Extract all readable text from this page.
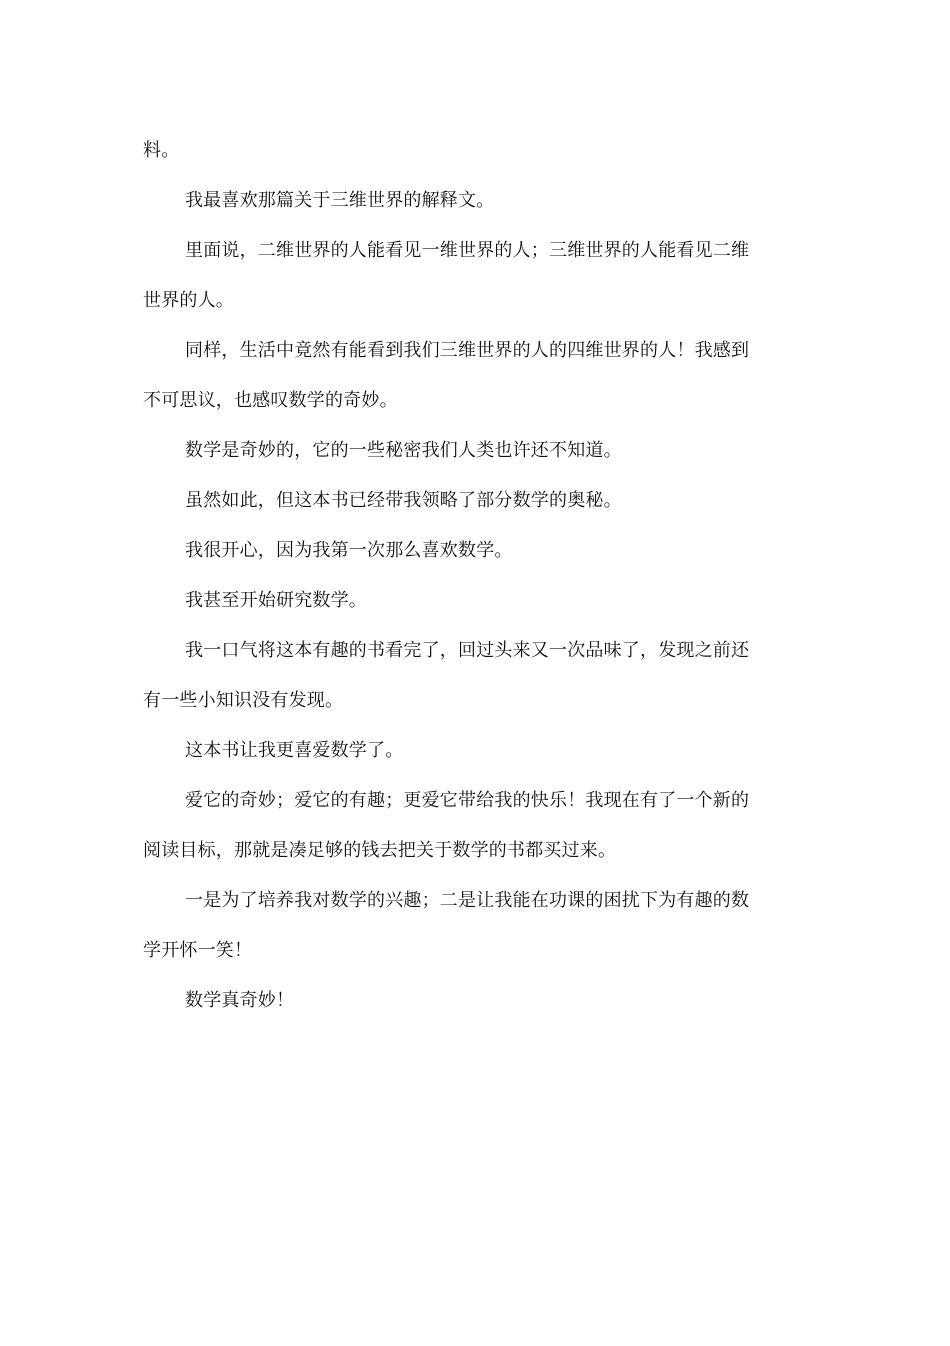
料。

我最喜欢那篇关于三维世界的解释文。

里面说，二维世界的人能看见一维世界的人；三维世界的人能看见二维世界的人。

同样，生活中竟然有能看到我们三维世界的人的四维世界的人！我感到不可思议，也感叹数学的奇妙。

数学是奇妙的，它的一些秘密我们人类也许还不知道。

虽然如此，但这本书已经带我领略了部分数学的奥秘。

我很开心，因为我第一次那么喜欢数学。

我甚至开始研究数学。

我一口气将这本有趣的书看完了，回过头来又一次品味了，发现之前还有一些小知识没有发现。

这本书让我更喜爱数学了。

爱它的奇妙；爱它的有趣；更爱它带给我的快乐！我现在有了一个新的阅读目标，那就是凑足够的钱去把关于数学的书都买过来。

一是为了培养我对数学的兴趣；二是让我能在功课的困扰下为有趣的数学开怀一笑！

数学真奇妙！
